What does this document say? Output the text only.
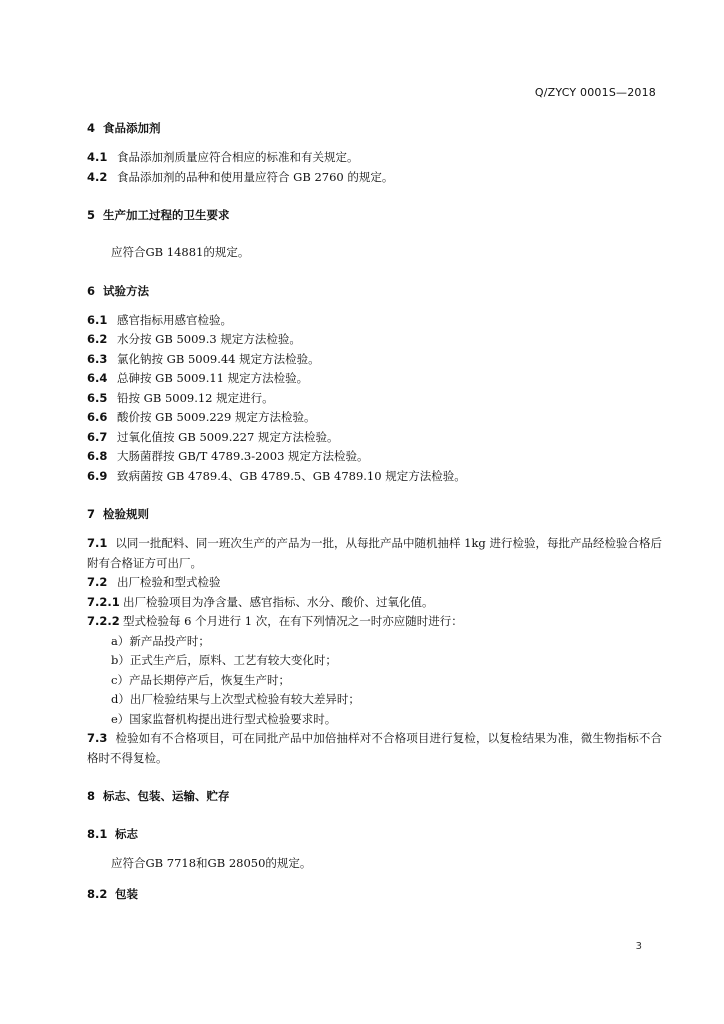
Q/ZYCY 0001S—2018
4 食品添加剂
4.1 食品添加剂质量应符合相应的标准和有关规定。
4.2 食品添加剂的品种和使用量应符合 GB 2760 的规定。
5 生产加工过程的卫生要求
应符合GB 14881的规定。
6 试验方法
6.1 感官指标用感官检验。
6.2 水分按 GB 5009.3 规定方法检验。
6.3 氯化钠按 GB 5009.44 规定方法检验。
6.4 总砷按 GB 5009.11 规定方法检验。
6.5 铅按 GB 5009.12 规定进行。
6.6 酸价按 GB 5009.229 规定方法检验。
6.7 过氧化值按 GB 5009.227 规定方法检验。
6.8 大肠菌群按 GB/T 4789.3-2003 规定方法检验。
6.9 致病菌按 GB 4789.4、GB 4789.5、GB 4789.10 规定方法检验。
7 检验规则
7.1 以同一批配料、同一班次生产的产品为一批，从每批产品中随机抽样 1kg 进行检验，每批产品经检验合格后附有合格证方可出厂。
7.2 出厂检验和型式检验
7.2.1 出厂检验项目为净含量、感官指标、水分、酸价、过氧化值。
7.2.2 型式检验每 6 个月进行 1 次，在有下列情况之一时亦应随时进行：
a）新产品投产时；
b）正式生产后，原料、工艺有较大变化时；
c）产品长期停产后，恢复生产时；
d）出厂检验结果与上次型式检验有较大差异时；
e）国家监督机构提出进行型式检验要求时。
7.3 检验如有不合格项目，可在同批产品中加倍抽样对不合格项目进行复检，以复检结果为准，微生物指标不合格时不得复检。
8 标志、包装、运输、贮存
8.1 标志
应符合GB 7718和GB 28050的规定。
8.2 包装
3
